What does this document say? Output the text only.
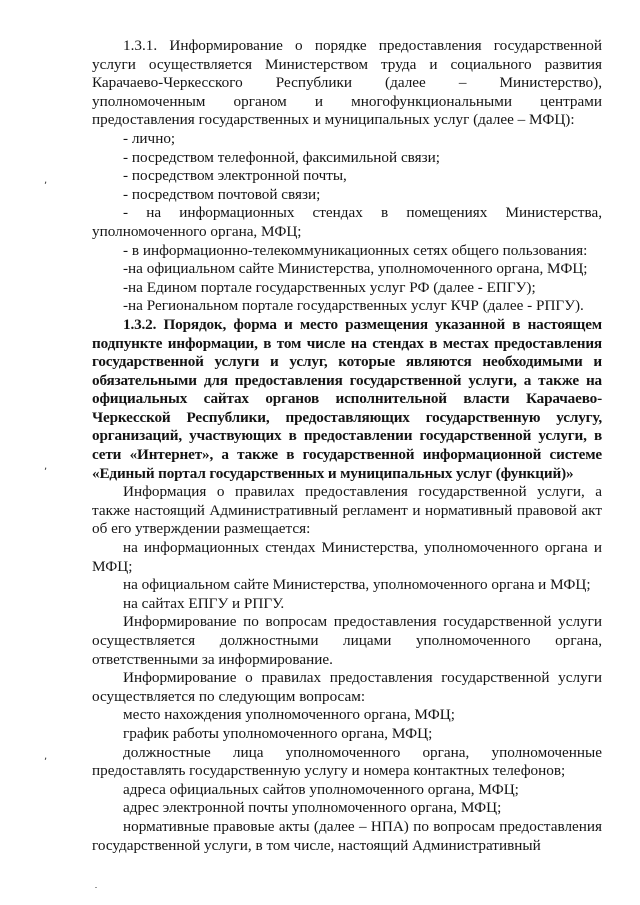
,
,
,

1.3.1. Информирование о порядке предоставления государственной услуги осуществляется Министерством труда и социального развития Карачаево-Черкесского Республики (далее – Министерство), уполномоченным органом и многофункциональными центрами предоставления государственных и муниципальных услуг (далее – МФЦ):

- лично;

- посредством телефонной, факсимильной связи;

- посредством электронной почты,

- посредством почтовой связи;

- на информационных стендах в помещениях Министерства, уполномоченного органа, МФЦ;

- в информационно-телекоммуникационных сетях общего пользования:

-на официальном сайте Министерства, уполномоченного органа, МФЦ;

-на Едином портале государственных услуг РФ (далее - ЕПГУ);

-на Региональном портале государственных услуг КЧР (далее - РПГУ).

1.3.2. Порядок, форма и место размещения указанной в настоящем подпункте информации, в том числе на стендах в местах предоставления государственной услуги и услуг, которые являются необходимыми и обязательными для предоставления государственной услуги, а также на официальных сайтах органов исполнительной власти Карачаево-Черкесской Республики, предоставляющих государственную услугу, организаций, участвующих в предоставлении государственной услуги, в сети «Интернет», а также в государственной информационной системе «Единый портал государственных и муниципальных услуг (функций)»

Информация о правилах предоставления государственной услуги, а также настоящий Административный регламент и нормативный правовой акт об его утверждении размещается:

на информационных стендах Министерства, уполномоченного органа и МФЦ;

на официальном сайте Министерства, уполномоченного органа и МФЦ;

на сайтах ЕПГУ и РПГУ.

Информирование по вопросам предоставления государственной услуги осуществляется должностными лицами уполномоченного органа, ответственными за информирование.

Информирование о правилах предоставления государственной услуги осуществляется по следующим вопросам:

место нахождения уполномоченного органа, МФЦ;

график работы уполномоченного органа, МФЦ;

должностные лица уполномоченного органа, уполномоченные предоставлять государственную услугу и номера контактных телефонов;

адреса официальных сайтов уполномоченного органа, МФЦ;

адрес электронной почты уполномоченного органа, МФЦ;

нормативные правовые акты (далее – НПА) по вопросам предоставления государственной услуги, в том числе, настоящий Административный
